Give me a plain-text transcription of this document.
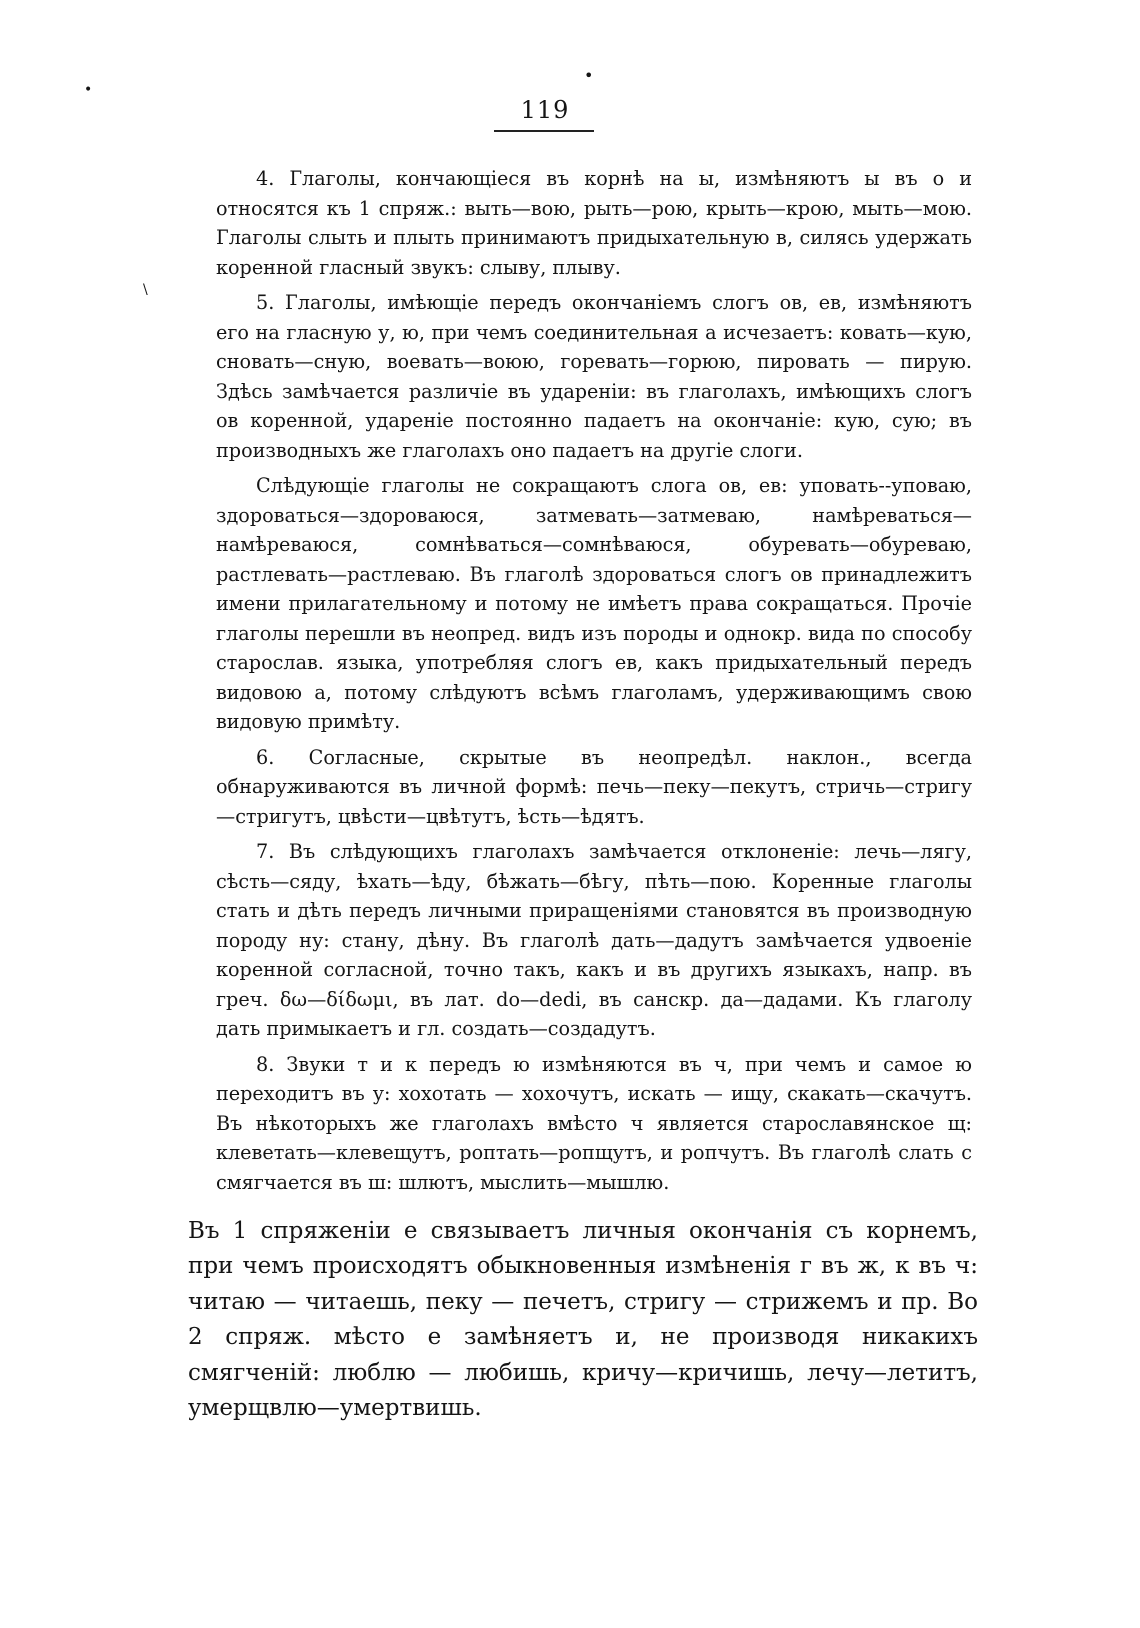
•
•
\
119

4. Глаголы, кончающiеся въ корнѣ на ы, измѣняютъ ы въ о и относятся къ 1 спряж.: выть—вою, рыть—рою, крыть—крою, мыть—мою. Глаголы слыть и плыть принимаютъ придыхательную в, силясь удержать коренной гласный звукъ: слыву, плыву.

5. Глаголы, имѣющiе передъ окончанiемъ слогъ ов, ев, измѣняютъ его на гласную у, ю, при чемъ соединительная а исчезаетъ: ковать—кую, сновать—сную, воевать—воюю, горевать—горюю, пировать — пирую. Здѣсь замѣчается различiе въ удареніи: въ глаголахъ, имѣющихъ слогъ ов коренной, удареніе постоянно падаетъ на окончаніе: кую, сую; въ производныхъ же глаголахъ оно падаетъ на другiе слоги.

Слѣдующiе глаголы не сокращаютъ слога ов, ев: уповать--уповаю, здороваться—здороваюся, затмевать—затмеваю, намѣреваться—намѣреваюся, сомнѣваться—сомнѣваюся, обуревать—обуреваю, растлевать—растлеваю. Въ глаголѣ здороваться слогъ ов принадлежитъ имени прилагательному и потому не имѣетъ права сокращаться. Прочiе глаголы перешли въ неопред. видъ изъ породы и однокр. вида по способу старослав. языка, употребляя слогъ ев, какъ придыхательный передъ видовою а, потому слѣдуютъ всѣмъ глаголамъ, удерживающимъ свою видовую примѣту.

6. Согласные, скрытые въ неопредѣл. наклон., всегда обнаруживаются въ личной формѣ: печь—пеку—пекутъ, стричь—стригу—стригутъ, цвѣсти—цвѣтутъ, ѣсть—ѣдятъ.

7. Въ слѣдующихъ глаголахъ замѣчается отклоненіе: лечь—лягу, сѣсть—сяду, ѣхать—ѣду, бѣжать—бѣгу, пѣть—пою. Коренные глаголы стать и дѣть передъ личными приращенiями становятся въ производную породу ну: стану, дѣну. Въ глаголѣ дать—дадутъ замѣчается удвоенiе коренной согласной, точно такъ, какъ и въ другихъ языкахъ, напр. въ греч. δω—δίδωμι, въ лат. do—dedi, въ санскр. да—дадами. Къ глаголу дать примыкаетъ и гл. создать—создадутъ.

8. Звуки т и к передъ ю измѣняются въ ч, при чемъ и самое ю переходитъ въ у: хохотать — хохочутъ, искать — ищу, скакать—скачутъ. Въ нѣкоторыхъ же глаголахъ вмѣсто ч является старославянское щ: клеветать—клевещутъ, роптать—ропщутъ, и ропчутъ. Въ глаголѣ слать с смягчается въ ш: шлютъ, мыслить—мышлю.

Въ 1 спряженiи е связываетъ личныя окончанiя съ корнемъ, при чемъ происходятъ обыкновенныя измѣненiя г въ ж, к въ ч: читаю — читаешь, пеку — печетъ, стригу — стрижемъ и пр. Во 2 спряж. мѣсто е замѣняетъ и, не производя никакихъ смягченiй: люблю — любишь, кричу—кричишь, лечу—летитъ, умерщвлю—умертвишь.
